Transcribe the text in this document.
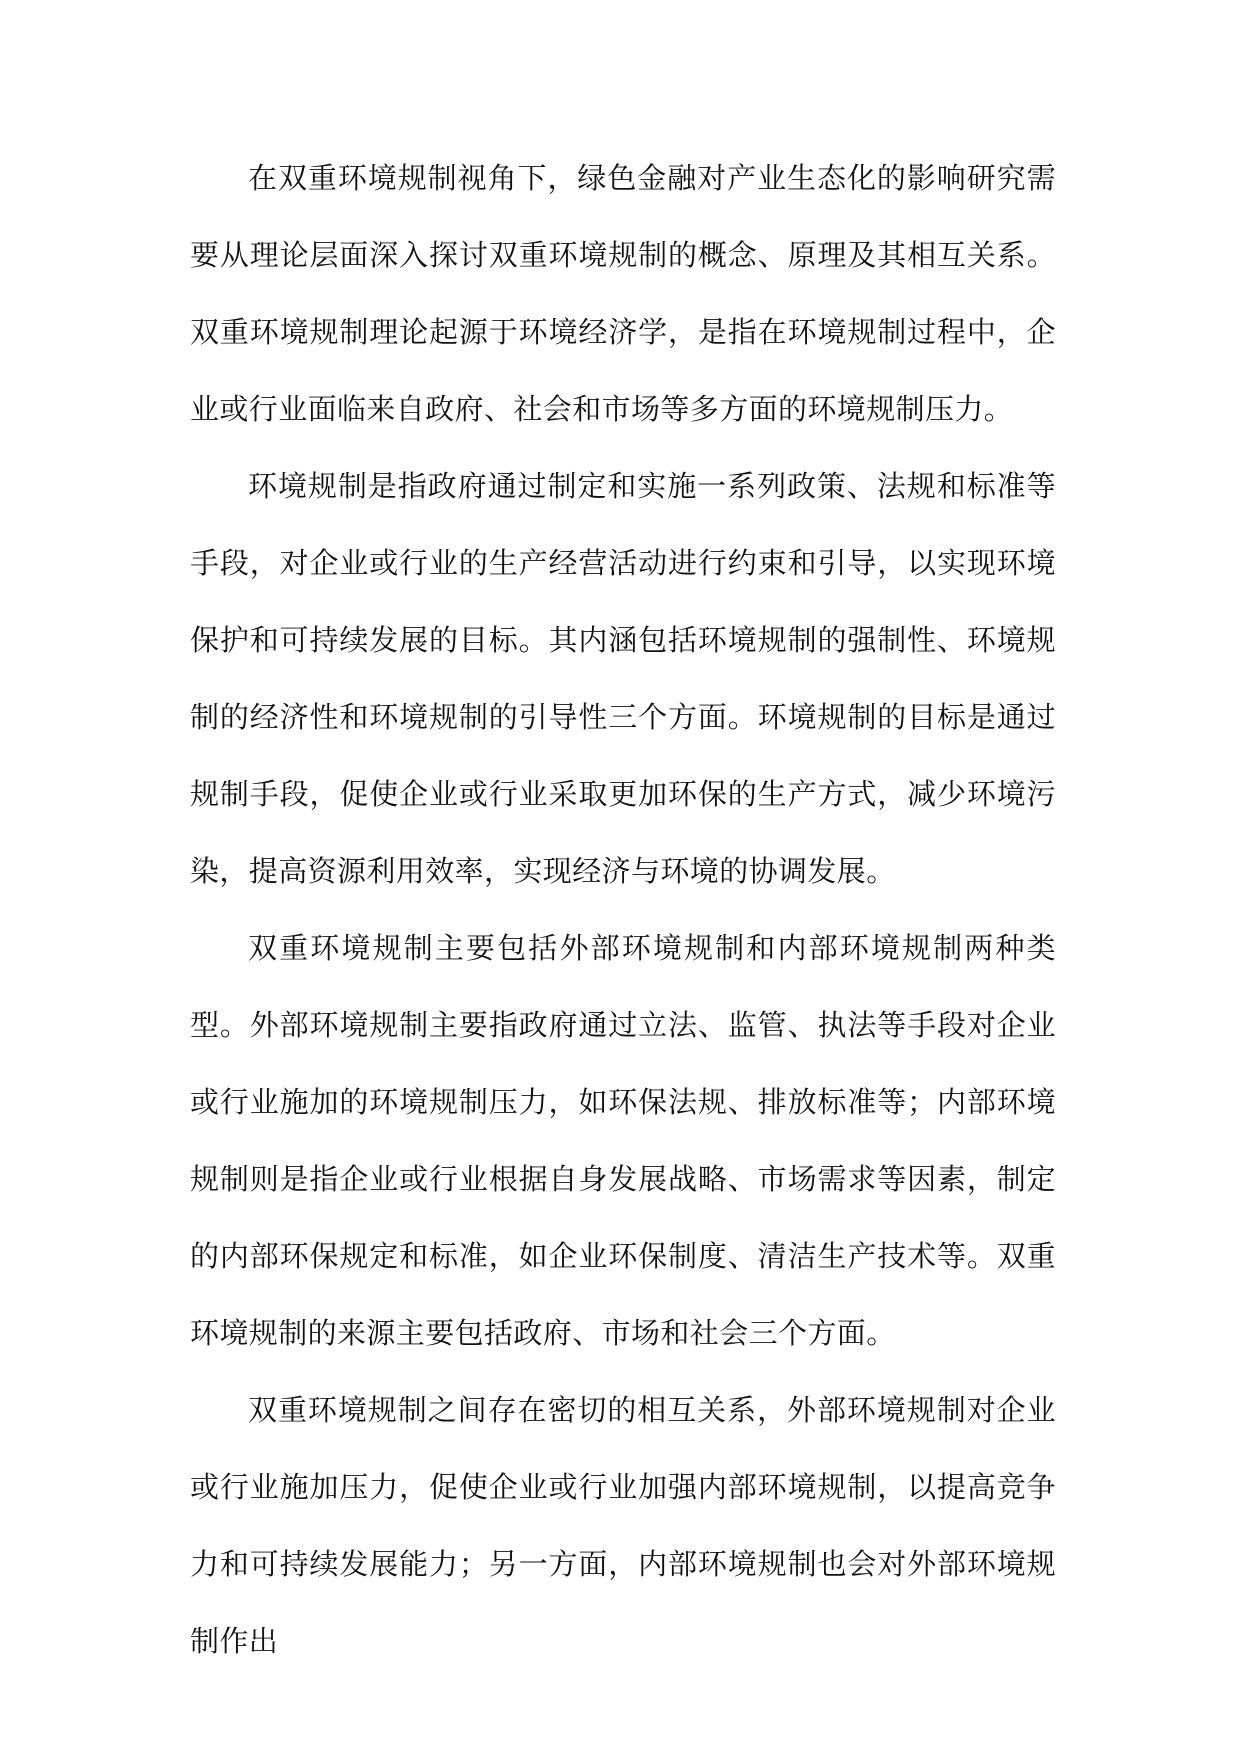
在双重环境规制视角下，绿色金融对产业生态化的影响研究需要从理论层面深入探讨双重环境规制的概念、原理及其相互关系。双重环境规制理论起源于环境经济学，是指在环境规制过程中，企业或行业面临来自政府、社会和市场等多方面的环境规制压力。

环境规制是指政府通过制定和实施一系列政策、法规和标准等手段，对企业或行业的生产经营活动进行约束和引导，以实现环境保护和可持续发展的目标。其内涵包括环境规制的强制性、环境规制的经济性和环境规制的引导性三个方面。环境规制的目标是通过规制手段，促使企业或行业采取更加环保的生产方式，减少环境污染，提高资源利用效率，实现经济与环境的协调发展。

双重环境规制主要包括外部环境规制和内部环境规制两种类型。外部环境规制主要指政府通过立法、监管、执法等手段对企业或行业施加的环境规制压力，如环保法规、排放标准等；内部环境规制则是指企业或行业根据自身发展战略、市场需求等因素，制定的内部环保规定和标准，如企业环保制度、清洁生产技术等。双重环境规制的来源主要包括政府、市场和社会三个方面。

双重环境规制之间存在密切的相互关系，外部环境规制对企业或行业施加压力，促使企业或行业加强内部环境规制，以提高竞争力和可持续发展能力；另一方面，内部环境规制也会对外部环境规制作出
